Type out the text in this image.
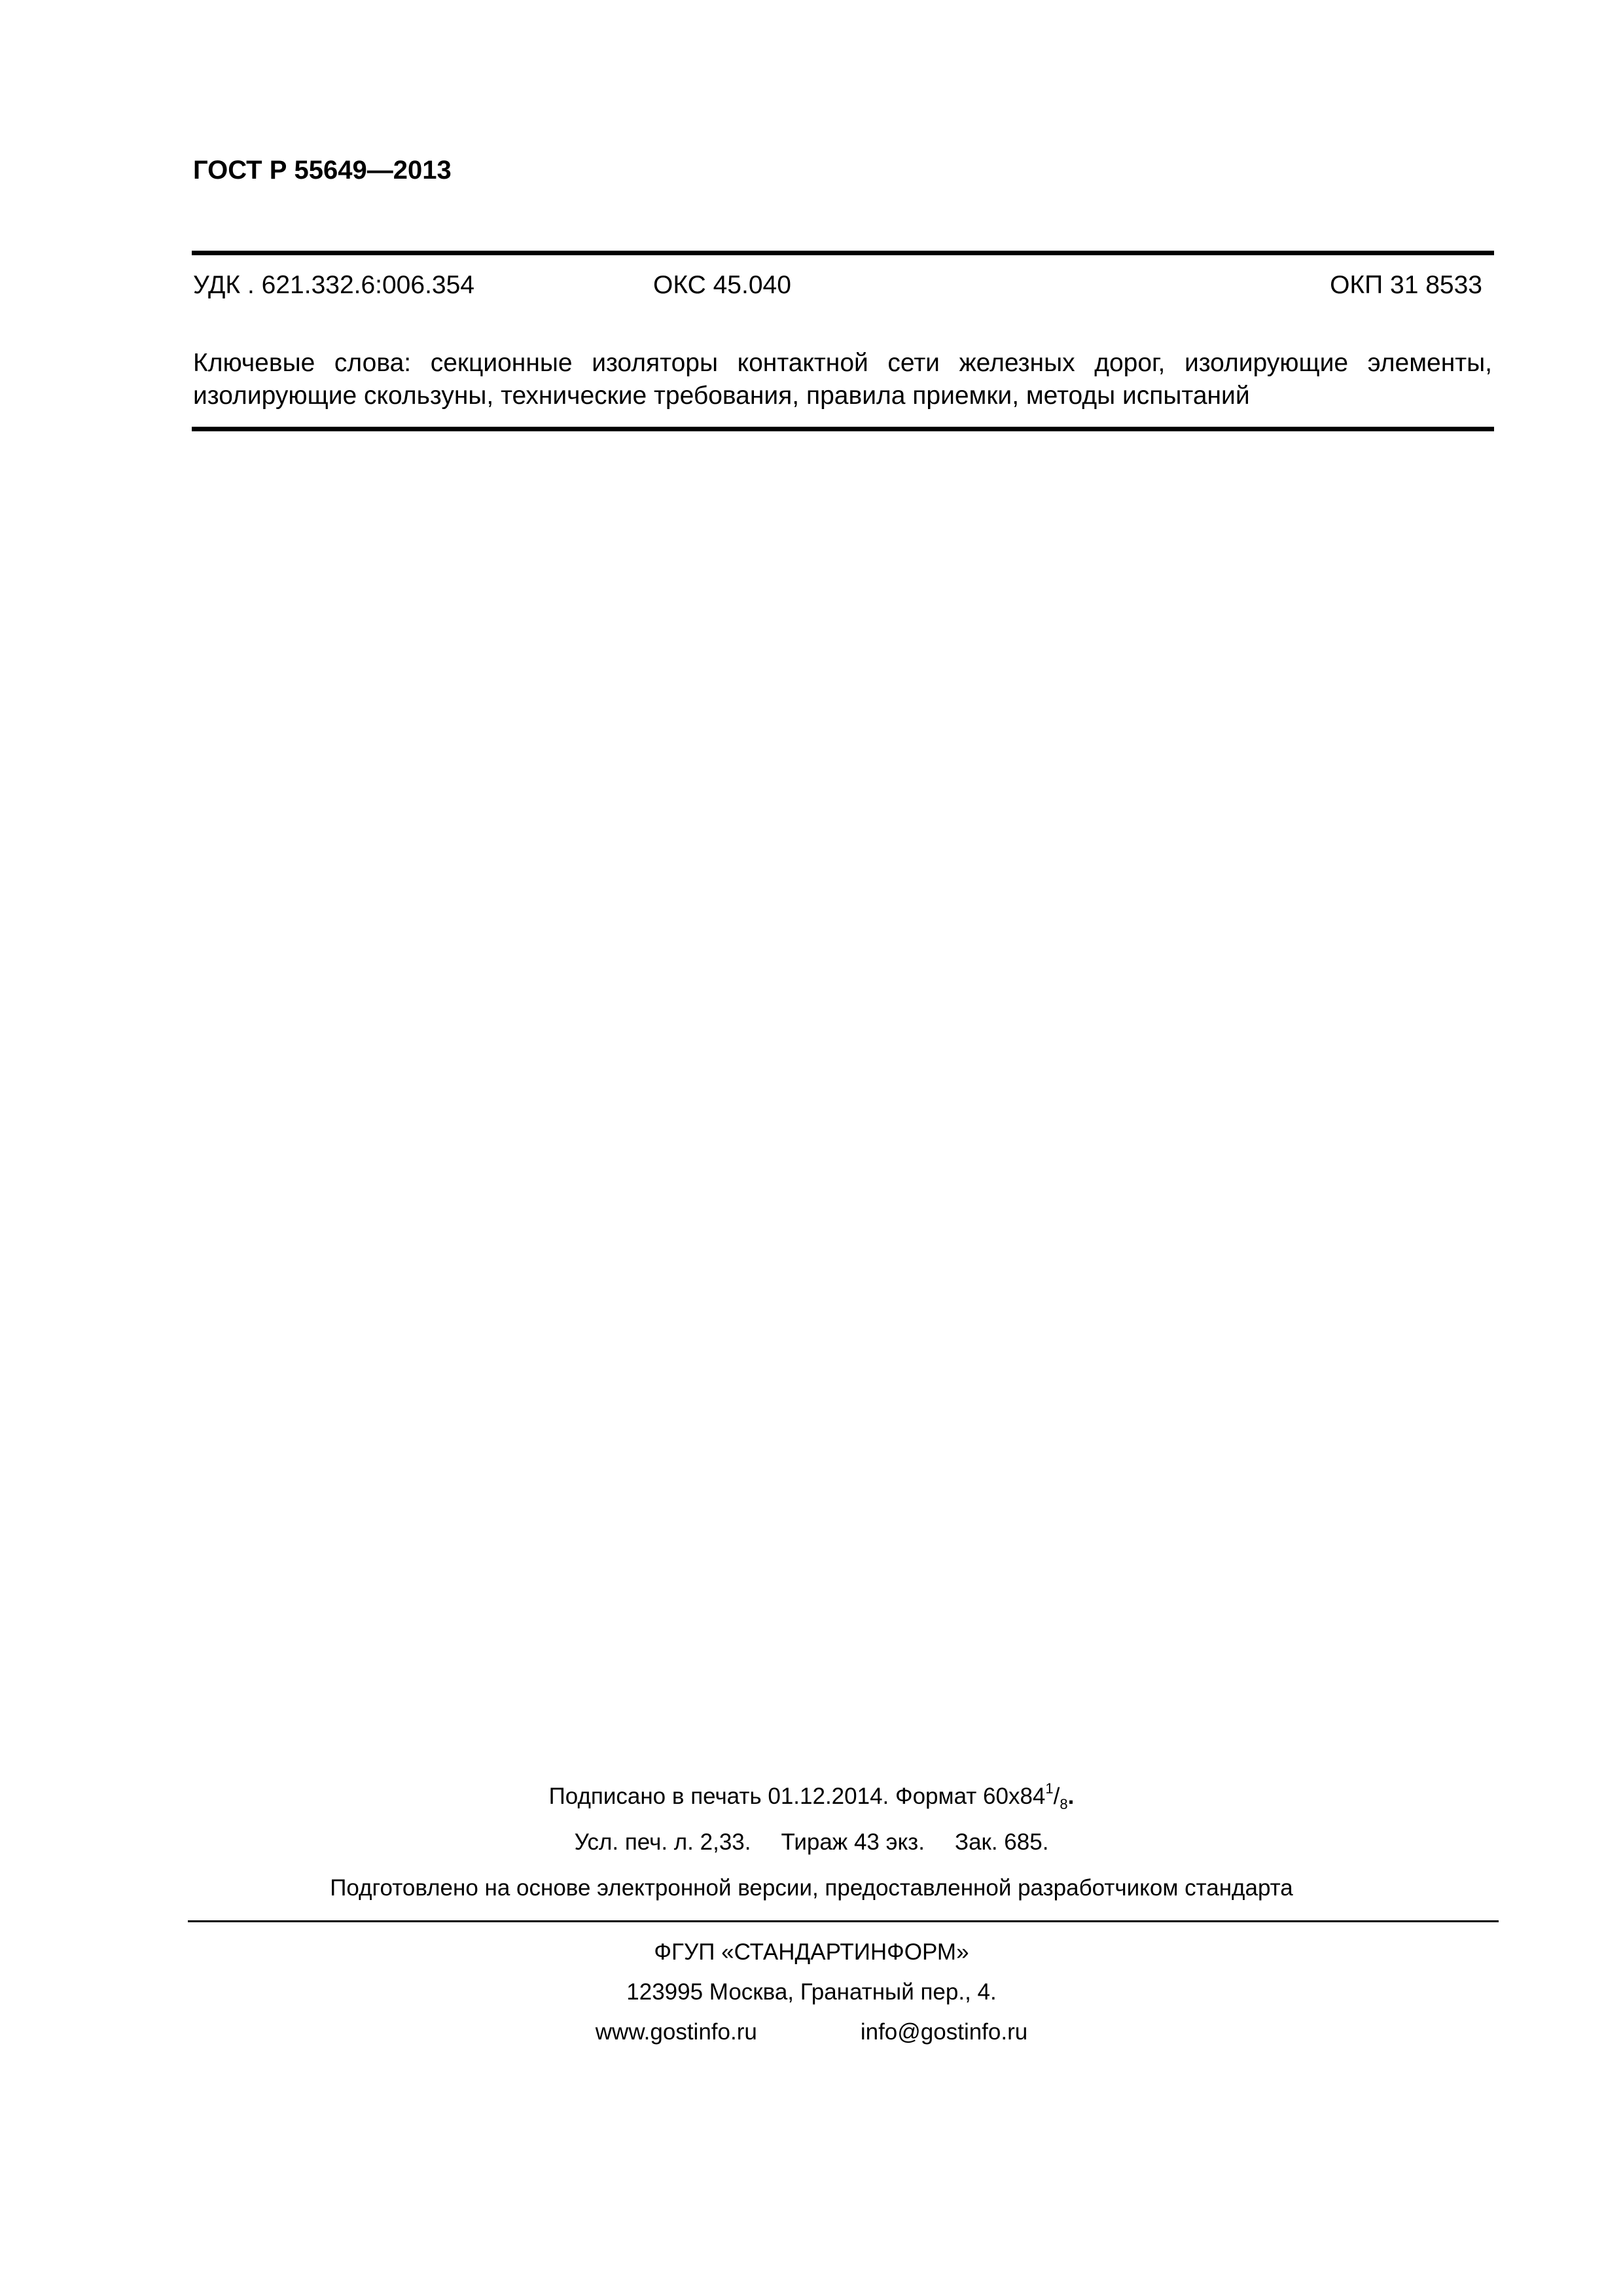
ГОСТ Р 55649—2013
УДК . 621.332.6:006.354	ОКС 45.040	ОКП 31 8533
Ключевые слова: секционные изоляторы контактной сети железных дорог, изолирующие элементы, изолирующие скользуны, технические требования, правила приемки, методы испытаний
Подписано в печать 01.12.2014. Формат $60х84^1/_8$.
Усл. печ. л. 2,33. Тираж 43 экз. Зак. 685.
Подготовлено на основе электронной версии, предоставленной разработчиком стандарта
ФГУП «СТАНДАРТИНФОРМ»
123995 Москва, Гранатный пер., 4.
www.gostinfo.ru	info@gostinfo.ru
